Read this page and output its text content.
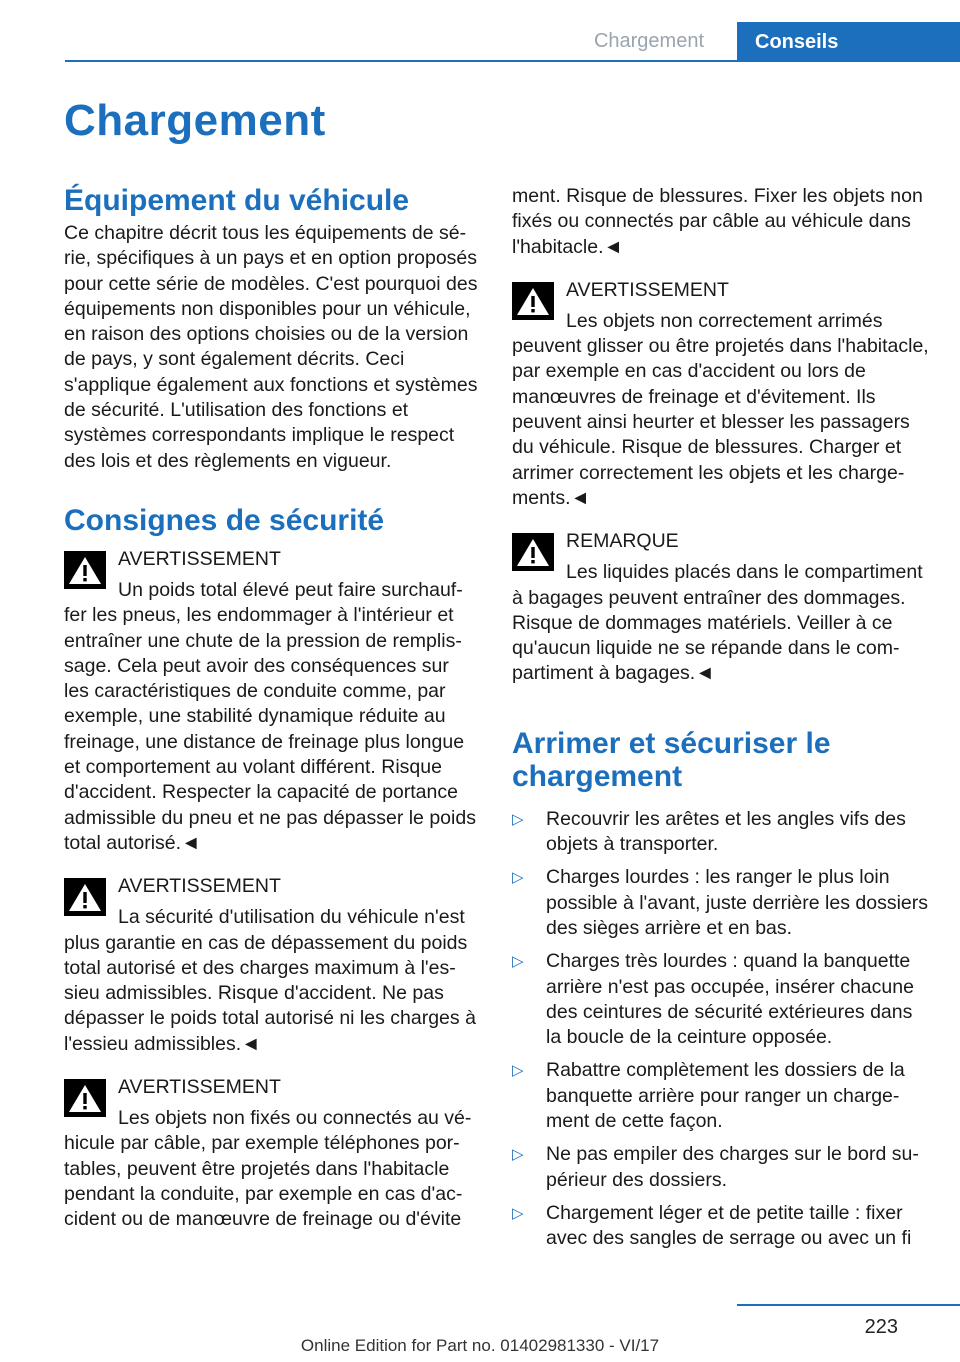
Chargement	Conseils
Chargement
Équipement du véhicule

Ce chapitre décrit tous les équipements de série, spécifiques à un pays et en option proposés pour cette série de modèles. C'est pourquoi des équipements non disponibles pour un véhicule, en raison des options choisies ou de la version de pays, y sont également décrits. Ceci s'applique également aux fonctions et systèmes de sécurité. L'utilisation des fonctions et systèmes correspondants implique le respect des lois et des règlements en vigueur.

Consignes de sécurité
AVERTISSEMENT

Un poids total élevé peut faire surchauffer les pneus, les endommager à l'intérieur et entraîner une chute de la pression de remplissage. Cela peut avoir des conséquences sur les caractéristiques de conduite comme, par exemple, une stabilité dynamique réduite au freinage, une distance de freinage plus longue et comportement au volant différent. Risque d'accident. Respecter la capacité de portance admissible du pneu et ne pas dépasser le poids total autorisé.◄

AVERTISSEMENT

La sécurité d'utilisation du véhicule n'est plus garantie en cas de dépassement du poids total autorisé et des charges maximum à l'essieu admissibles. Risque d'accident. Ne pas dépasser le poids total autorisé ni les charges à l'essieu admissibles.◄

AVERTISSEMENT

Les objets non fixés ou connectés au véhicule par câble, par exemple téléphones portables, peuvent être projetés dans l'habitacle pendant la conduite, par exemple en cas d'accident ou de manœuvre de freinage ou d'évite

ment. Risque de blessures. Fixer les objets non fixés ou connectés par câble au véhicule dans l'habitacle.◄

AVERTISSEMENT

Les objets non correctement arrimés peuvent glisser ou être projetés dans l'habitacle, par exemple en cas d'accident ou lors de manœuvres de freinage et d'évitement. Ils peuvent ainsi heurter et blesser les passagers du véhicule. Risque de blessures. Charger et arrimer correctement les objets et les chargements.◄

REMARQUE

Les liquides placés dans le compartiment à bagages peuvent entraîner des dommages. Risque de dommages matériels. Veiller à ce qu'aucun liquide ne se répande dans le compartiment à bagages.◄

Arrimer et sécuriser le chargement
▷ Recouvrir les arêtes et les angles vifs des objets à transporter.
▷ Charges lourdes : les ranger le plus loin possible à l'avant, juste derrière les dossiers des sièges arrière et en bas.
▷ Charges très lourdes : quand la banquette arrière n'est pas occupée, insérer chacune des ceintures de sécurité extérieures dans la boucle de la ceinture opposée.
▷ Rabattre complètement les dossiers de la banquette arrière pour ranger un chargement de cette façon.
▷ Ne pas empiler des charges sur le bord supérieur des dossiers.
▷ Chargement léger et de petite taille : fixer avec des sangles de serrage ou avec un fi
223
Online Edition for Part no. 01402981330 - VI/17
